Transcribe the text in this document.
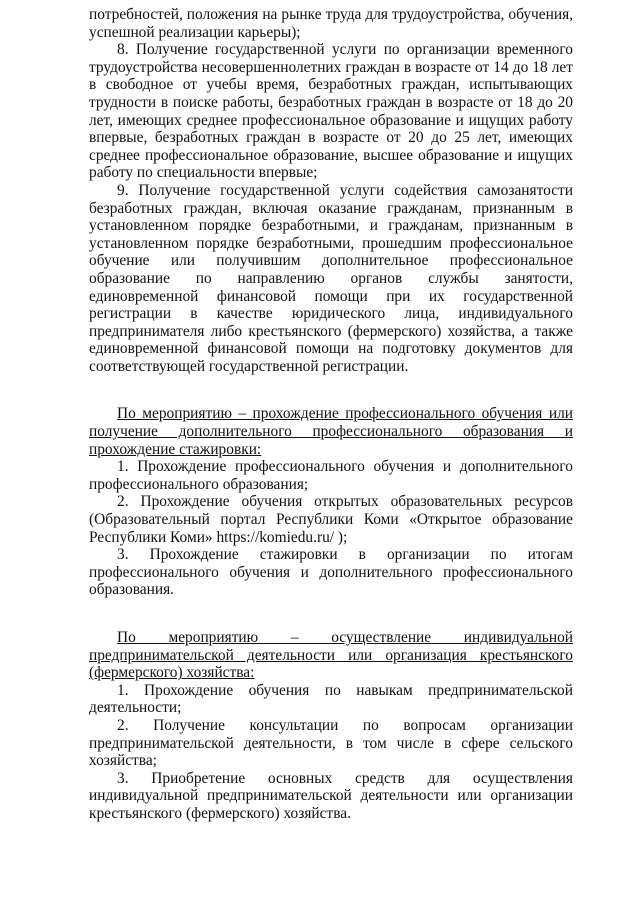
потребностей, положения на рынке труда для трудоустройства, обучения, успешной реализации карьеры);

8. Получение государственной услуги по организации временного трудоустройства несовершеннолетних граждан в возрасте от 14 до 18 лет в свободное от учебы время, безработных граждан, испытывающих трудности в поиске работы, безработных граждан в возрасте от 18 до 20 лет, имеющих среднее профессиональное образование и ищущих работу впервые, безработных граждан в возрасте от 20 до 25 лет, имеющих среднее профессиональное образование, высшее образование и ищущих работу по специальности впервые;

9. Получение государственной услуги содействия самозанятости безработных граждан, включая оказание гражданам, признанным в установленном порядке безработными, и гражданам, признанным в установленном порядке безработными, прошедшим профессиональное обучение или получившим дополнительное профессиональное образование по направлению органов службы занятости, единовременной финансовой помощи при их государственной регистрации в качестве юридического лица, индивидуального предпринимателя либо крестьянского (фермерского) хозяйства, а также единовременной финансовой помощи на подготовку документов для соответствующей государственной регистрации.

По мероприятию – прохождение профессионального обучения или получение дополнительного профессионального образования и прохождение стажировки:

1. Прохождение профессионального обучения и дополнительного профессионального образования;

2. Прохождение обучения открытых образовательных ресурсов (Образовательный портал Республики Коми «Открытое образование Республики Коми» https://komiedu.ru/ );

3. Прохождение стажировки в организации по итогам профессионального обучения и дополнительного профессионального образования.

По мероприятию – осуществление индивидуальной предпринимательской деятельности или организация крестьянского (фермерского) хозяйства:

1. Прохождение обучения по навыкам предпринимательской деятельности;

2. Получение консультации по вопросам организации предпринимательской деятельности, в том числе в сфере сельского хозяйства;

3. Приобретение основных средств для осуществления индивидуальной предпринимательской деятельности или организации крестьянского (фермерского) хозяйства.
